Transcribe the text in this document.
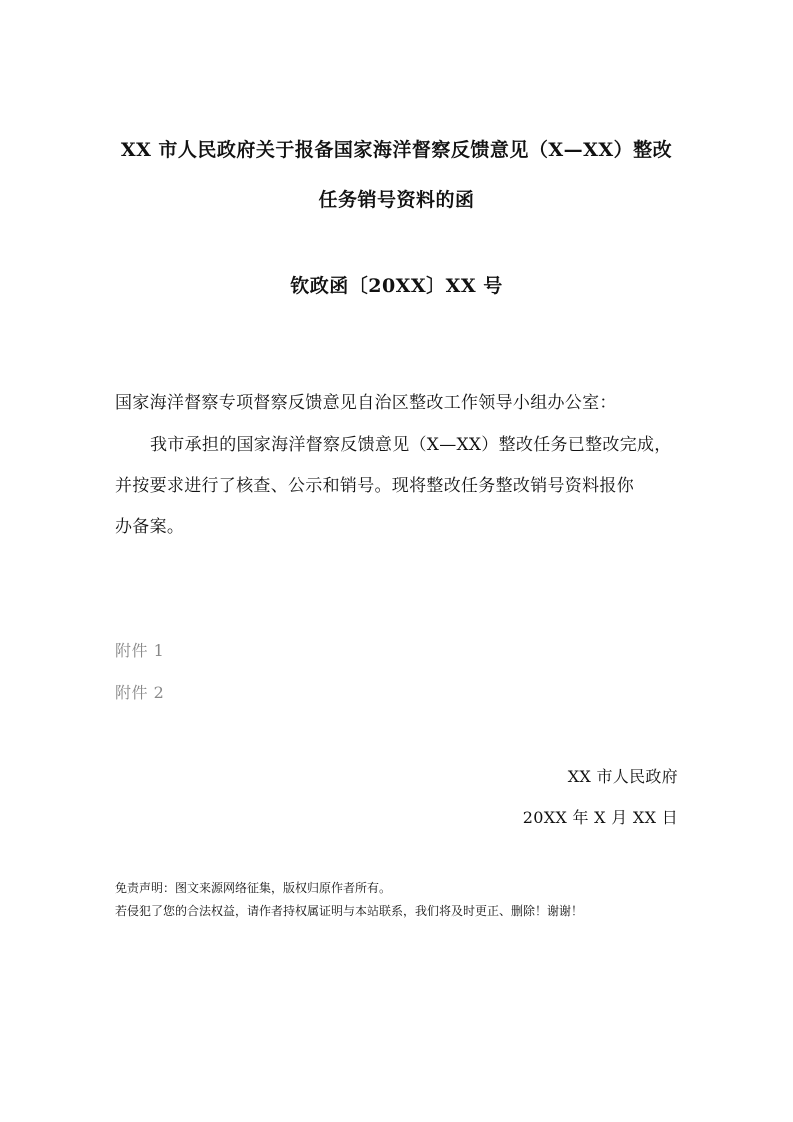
XX 市人民政府关于报备国家海洋督察反馈意见（X—XX）整改
任务销号资料的函
钦政函〔20XX〕XX 号
国家海洋督察专项督察反馈意见自治区整改工作领导小组办公室：
我市承担的国家海洋督察反馈意见（X—XX）整改任务已整改完成，
并按要求进行了核查、公示和销号。现将整改任务整改销号资料报你
办备案。
附件 1
附件 2
XX 市人民政府
20XX 年 X 月 XX 日
免责声明：图文来源网络征集，版权归原作者所有。
若侵犯了您的合法权益，请作者持权属证明与本站联系，我们将及时更正、删除！谢谢！
